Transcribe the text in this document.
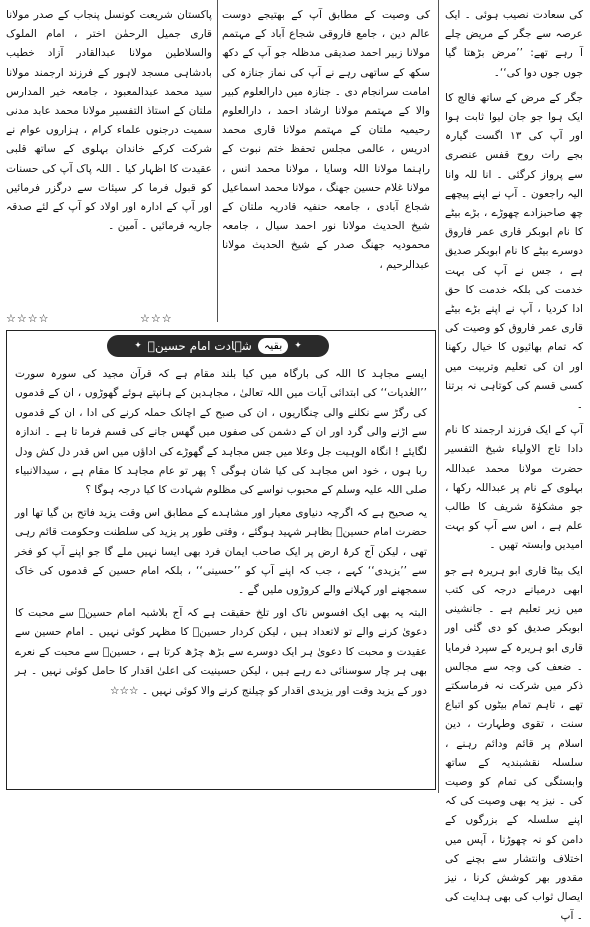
کی سعادت نصیب ہوئی ۔ ایک عرصہ سے جگر کے مریض چلے آ رہے تھے: ’’مرض بڑھتا گیا جوں جوں دوا کی‘‘۔

جگر کے مرض کے ساتھ فالج کا ایک ہوا جو جان لیوا ثابت ہوا اور آپ کی ۱۳ اگست گیارہ بجے رات روح قفس عنصری سے پرواز کرگئی ۔ انا للہ وانا الیہ راجعون ۔ آپ نے اپنے پیچھے چھ صاحبزادے چھوڑے ، بڑے بیٹے کا نام ابوبکر قاری عمر فاروق دوسرے بیٹے کا نام ابوبکر صدیق ہے ، جس نے آپ کی بہت خدمت کی بلکہ خدمت کا حق ادا کردیا ، آپ نے اپنے بڑے بیٹے قاری عمر فاروق کو وصیت کی کہ تمام بھائیوں کا خیال رکھنا اور ان کی تعلیم وتربیت میں کسی قسم کی کوتاہی نہ برتنا ۔

آپ کے ایک فرزند ارجمند کا نام دادا تاج الاولیاء شیخ التفسیر حضرت مولانا محمد عبداللہ بہلوی کے نام پر عبداللہ رکھا ، جو مشکوٰۃ شریف کا طالب علم ہے ، اس سے آپ کو بہت امیدیں وابستہ تھیں ۔

ایک بیٹا قاری ابو ہریرہ ہے جو ابھی درمیانے درجہ کی کتب میں زیر تعلیم ہے ۔ جانشینی ابوبکر صدیق کو دی گئی اور قاری ابو ہریرہ کے سپرد فرمایا ۔ ضعف کی وجہ سے مجالس ذکر میں شرکت نہ فرماسکتے تھے ، تاہم تمام بیٹوں کو اتباع سنت ، تقوی وطہارت ، دین اسلام پر قائم ودائم رہنے ، سلسلہ نقشبندیہ کے ساتھ وابستگی کی تمام کو وصیت کی ۔ نیز یہ بھی وصیت کی کہ اپنے سلسلہ کے بزرگوں کے دامن کو نہ چھوڑنا ، آپس میں اختلاف وانتشار سے بچنے کی مقدور بھر کوشش کرنا ، نیز ایصال ثواب کی بھی ہدایت کی ۔ آپ

کی وصیت کے مطابق آپ کے بھتیجے دوست عالم دین ، جامع فاروقی شجاع آباد کے مہتمم مولانا زبیر احمد صدیقی مدظلہ جو آپ کے دکھ سکھ کے ساتھی رہے نے آپ کی نماز جنازہ کی امامت سرانجام دی ۔ جنازہ میں دارالعلوم کبیر والا کے مہتمم مولانا ارشاد احمد ، دارالعلوم رحیمیہ ملتان کے مہتمم مولانا قاری محمد ادریس ، عالمی مجلس تحفظ ختم نبوت کے راہنما مولانا اللہ وسایا ، مولانا محمد انس ، مولانا غلام حسین جھنگ ، مولانا محمد اسماعیل شجاع آبادی ، جامعہ حنفیہ قادریہ ملتان کے شیخ الحدیث مولانا نور احمد سیال ، جامعہ محمودیہ جھنگ صدر کے شیخ الحدیث مولانا عبدالرحیم ،

☆☆☆

پاکستان شریعت کونسل پنجاب کے صدر مولانا قاری جمیل الرحمٰن اختر ، امام الملوک والسلاطین مولانا عبدالقادر آزاد خطیب بادشاہی مسجد لاہور کے فرزند ارجمند مولانا سید محمد عبدالمعبود ، جامعہ خیر المدارس ملتان کے استاذ التفسیر مولانا محمد عابد مدنی سمیت درجنوں علماء کرام ، ہزاروں عوام نے شرکت کرکے خاندان بہلوی کے ساتھ قلبی عقیدت کا اظہار کیا ۔ اللہ پاک آپ کی حسنات کو قبول فرما کر سیئات سے درگزر فرمائیں اور آپ کے ادارہ اور اولاد کو آپ کے لئے صدقہ جاریہ فرمائیں ۔ آمین ۔

☆☆☆☆
✦
بقیہ
شہادت امام حسینؓ
✦

ایسے مجاہد کا اللہ کی بارگاہ میں کیا بلند مقام ہے کہ قرآن مجید کی سورہ سورت ’’العٰدیات‘‘ کی ابتدائی آیات میں اللہ تعالیٰ ، مجاہدین کے ہانپتے ہوئے گھوڑوں ، ان کے قدموں کی رگڑ سے نکلنے والی چنگاریوں ، ان کی صبح کے اچانک حملہ کرنے کی ادا ، ان کے قدموں سے اڑنے والی گرد اور ان کے دشمن کی صفوں میں گھس جانے کی قسم فرما تا ہے ۔ اندازہ لگایئے ! انگاہ الوہیت جل وعلا میں جس مجاہد کے گھوڑے کی اداؤں میں اس قدر دل کش ودل ربا ہوں ، خود اس مجاہد کی کیا شان ہوگی ؟ پھر تو عام مجاہد کا مقام ہے ، سیدالانبیاء صلی اللہ علیہ وسلم کے محبوب نواسے کی مظلوم شہادت کا کیا درجہ ہوگا ؟

یہ صحیح ہے کہ اگرچہ دنیاوی معیار اور مشاہدے کے مطابق اس وقت یزید فاتح بن گیا تھا اور حضرت امام حسینؓ بظاہر شہید ہوگئے ، وقتی طور پر یزید کی سلطنت وحکومت قائم رہی تھی ، لیکن آج کرۂ ارض پر ایک صاحب ایمان فرد بھی ایسا نہیں ملے گا جو اپنے آپ کو فخر سے ’’یزیدی‘‘ کہے ، جب کہ اپنے آپ کو ’’حسینی‘‘ ، بلکہ امام حسین کے قدموں کی خاک سمجھنے اور کہلانے والے کروڑوں ملیں گے ۔

البتہ یہ بھی ایک افسوس ناک اور تلخ حقیقت ہے کہ آج بلاشبہ امام حسینؓ سے محبت کا دعویٰ کرنے والے تو لاتعداد ہیں ، لیکن کردار حسینؓ کا مظہر کوئی نہیں ۔ امام حسین سے عقیدت و محبت کا دعویٰ ہر ایک دوسرے سے بڑھ چڑھ کرتا ہے ، حسینؓ سے محبت کے نعرے بھی ہر چار سوسنائی دے رہے ہیں ، لیکن حسینیت کی اعلیٰ اقدار کا حامل کوئی نہیں ۔ ہر دور کے یزید وقت اور یزیدی اقدار کو چیلنج کرنے والا کوئی نہیں ۔ ☆☆☆
